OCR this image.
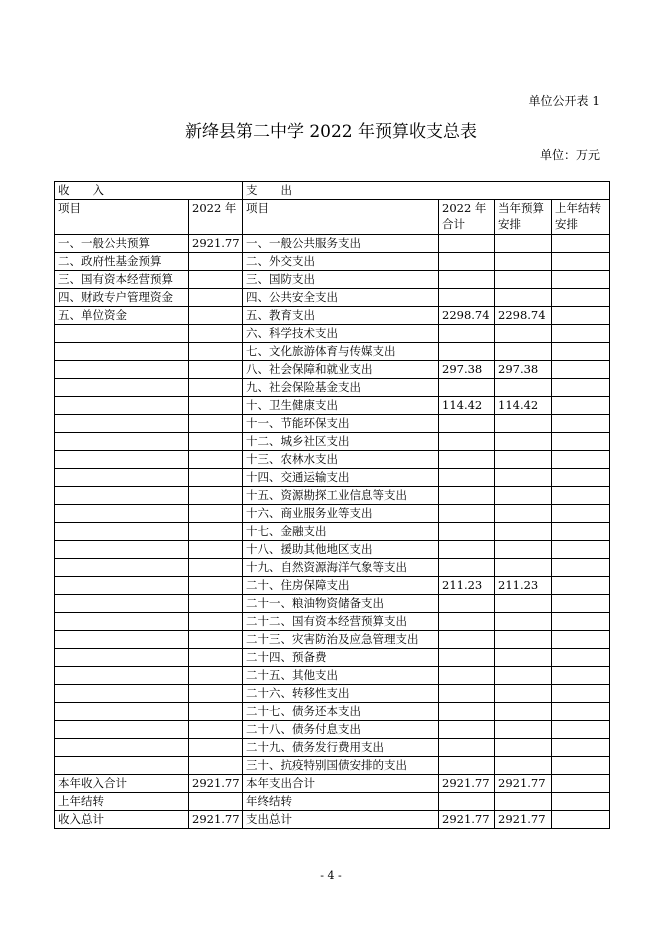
单位公开表 1
新绛县第二中学 2022 年预算收支总表
单位：万元
收　　入		支　　出			
项目	2022 年	项目	2022 年合计	当年预算安排	上年结转安排
一、一般公共预算	2921.77	一、一般公共服务支出			
二、政府性基金预算		二、外交支出			
三、国有资本经营预算		三、国防支出			
四、财政专户管理资金		四、公共安全支出			
五、单位资金		五、教育支出	2298.74	2298.74	
		六、科学技术支出			
		七、文化旅游体育与传媒支出			
		八、社会保障和就业支出	297.38	297.38	
		九、社会保险基金支出			
		十、卫生健康支出	114.42	114.42	
		十一、节能环保支出			
		十二、城乡社区支出			
		十三、农林水支出			
		十四、交通运输支出			
		十五、资源勘探工业信息等支出			
		十六、商业服务业等支出			
		十七、金融支出			
		十八、援助其他地区支出			
		十九、自然资源海洋气象等支出			
		二十、住房保障支出	211.23	211.23	
		二十一、粮油物资储备支出			
		二十二、国有资本经营预算支出			
		二十三、灾害防治及应急管理支出			
		二十四、预备费			
		二十五、其他支出			
		二十六、转移性支出			
		二十七、债务还本支出			
		二十八、债务付息支出			
		二十九、债务发行费用支出			
		三十、抗疫特别国债安排的支出			
本年收入合计	2921.77	本年支出合计	2921.77	2921.77	
上年结转		年终结转			
收入总计	2921.77	支出总计	2921.77	2921.77	
- 4 -
